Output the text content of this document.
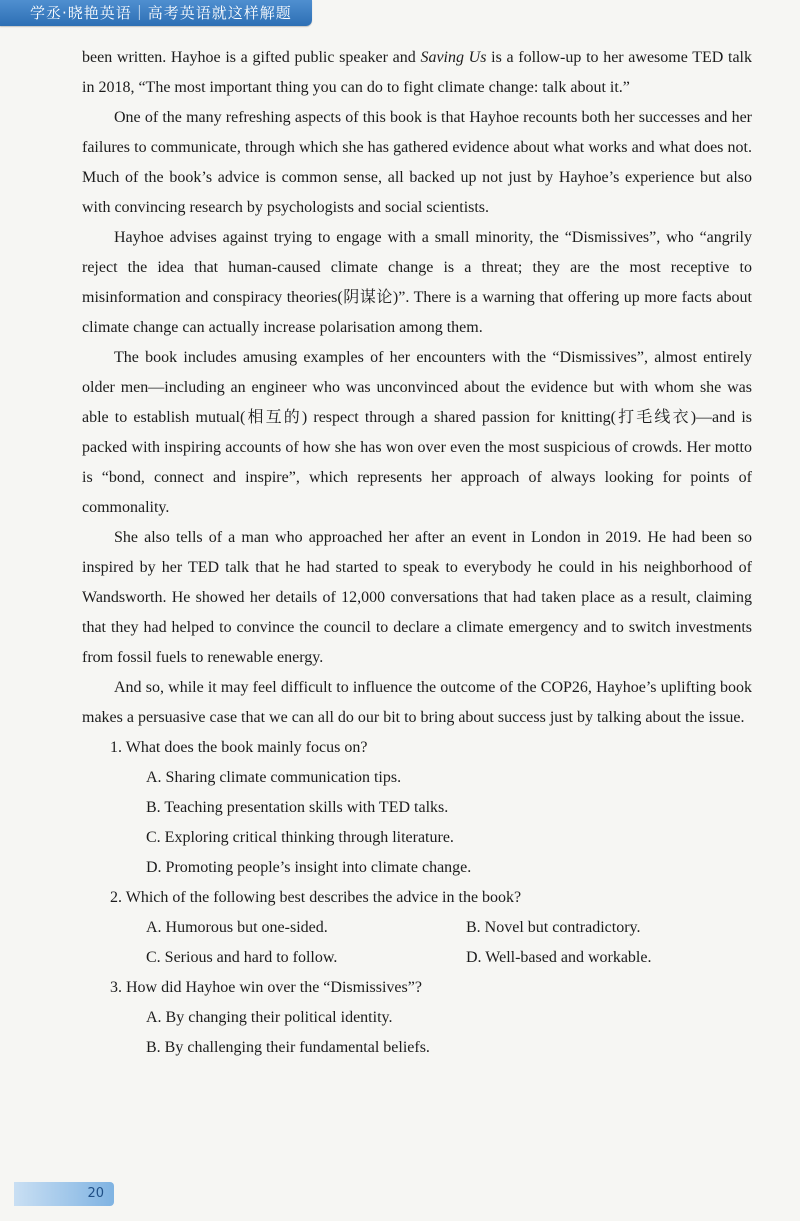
学丞·晓艳英语｜高考英语就这样解题

been written. Hayhoe is a gifted public speaker and Saving Us is a follow-up to her awesome TED talk in 2018, “The most important thing you can do to fight climate change: talk about it.”

One of the many refreshing aspects of this book is that Hayhoe recounts both her successes and her failures to communicate, through which she has gathered evidence about what works and what does not. Much of the book’s advice is common sense, all backed up not just by Hayhoe’s experience but also with convincing research by psychologists and social scientists.

Hayhoe advises against trying to engage with a small minority, the “Dismissives”, who “angrily reject the idea that human-caused climate change is a threat; they are the most receptive to misinformation and conspiracy theories(阴谋论)”. There is a warning that offering up more facts about climate change can actually increase polarisation among them.

The book includes amusing examples of her encounters with the “Dismissives”, almost entirely older men—including an engineer who was unconvinced about the evidence but with whom she was able to establish mutual(相互的) respect through a shared passion for knitting(打毛线衣)—and is packed with inspiring accounts of how she has won over even the most suspicious of crowds. Her motto is “bond, connect and inspire”, which represents her approach of always looking for points of commonality.

She also tells of a man who approached her after an event in London in 2019. He had been so inspired by her TED talk that he had started to speak to everybody he could in his neighborhood of Wandsworth. He showed her details of 12,000 conversations that had taken place as a result, claiming that they had helped to convince the council to declare a climate emergency and to switch investments from fossil fuels to renewable energy.

And so, while it may feel difficult to influence the outcome of the COP26, Hayhoe’s uplifting book makes a persuasive case that we can all do our bit to bring about success just by talking about the issue.

1. What does the book mainly focus on?

A. Sharing climate communication tips.

B. Teaching presentation skills with TED talks.

C. Exploring critical thinking through literature.

D. Promoting people’s insight into climate change.

2. Which of the following best describes the advice in the book?

A. Humorous but one-sided.	B. Novel but contradictory.
C. Serious and hard to follow.	D. Well-based and workable.

3. How did Hayhoe win over the “Dismissives”?

A. By changing their political identity.

B. By challenging their fundamental beliefs.

20
